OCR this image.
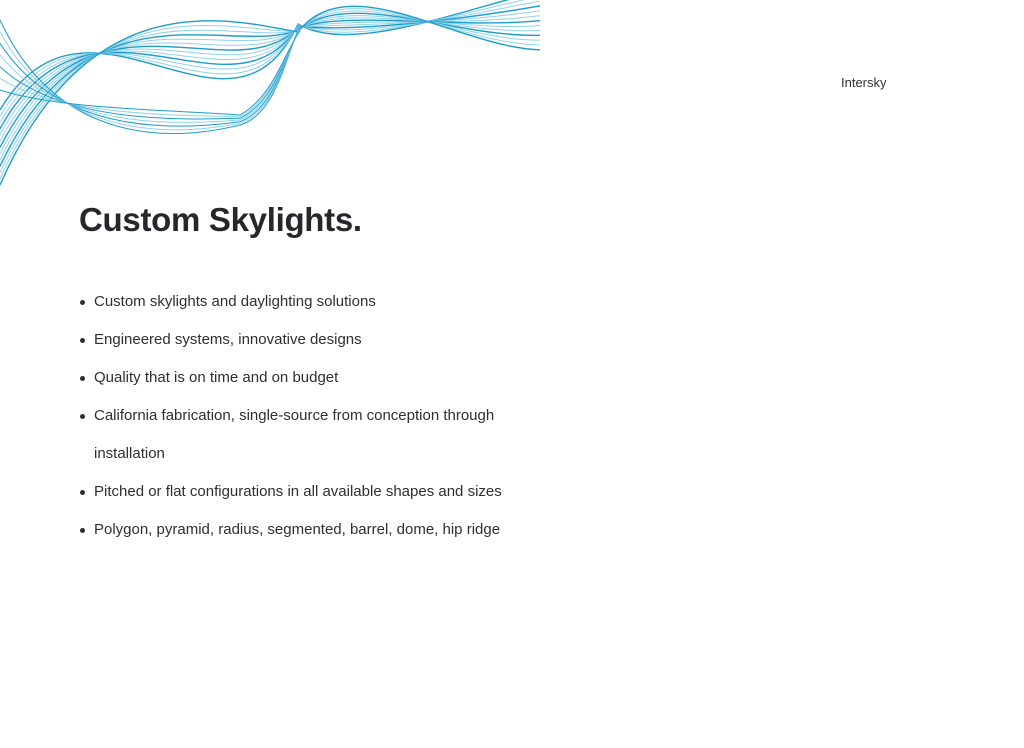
Intersky
Custom Skylights.
Custom skylights and daylighting solutions
Engineered systems, innovative designs
Quality that is on time and on budget
California fabrication, single-source from conception through installation
Pitched or flat configurations in all available shapes and sizes
Polygon, pyramid, radius, segmented, barrel, dome, hip ridge
